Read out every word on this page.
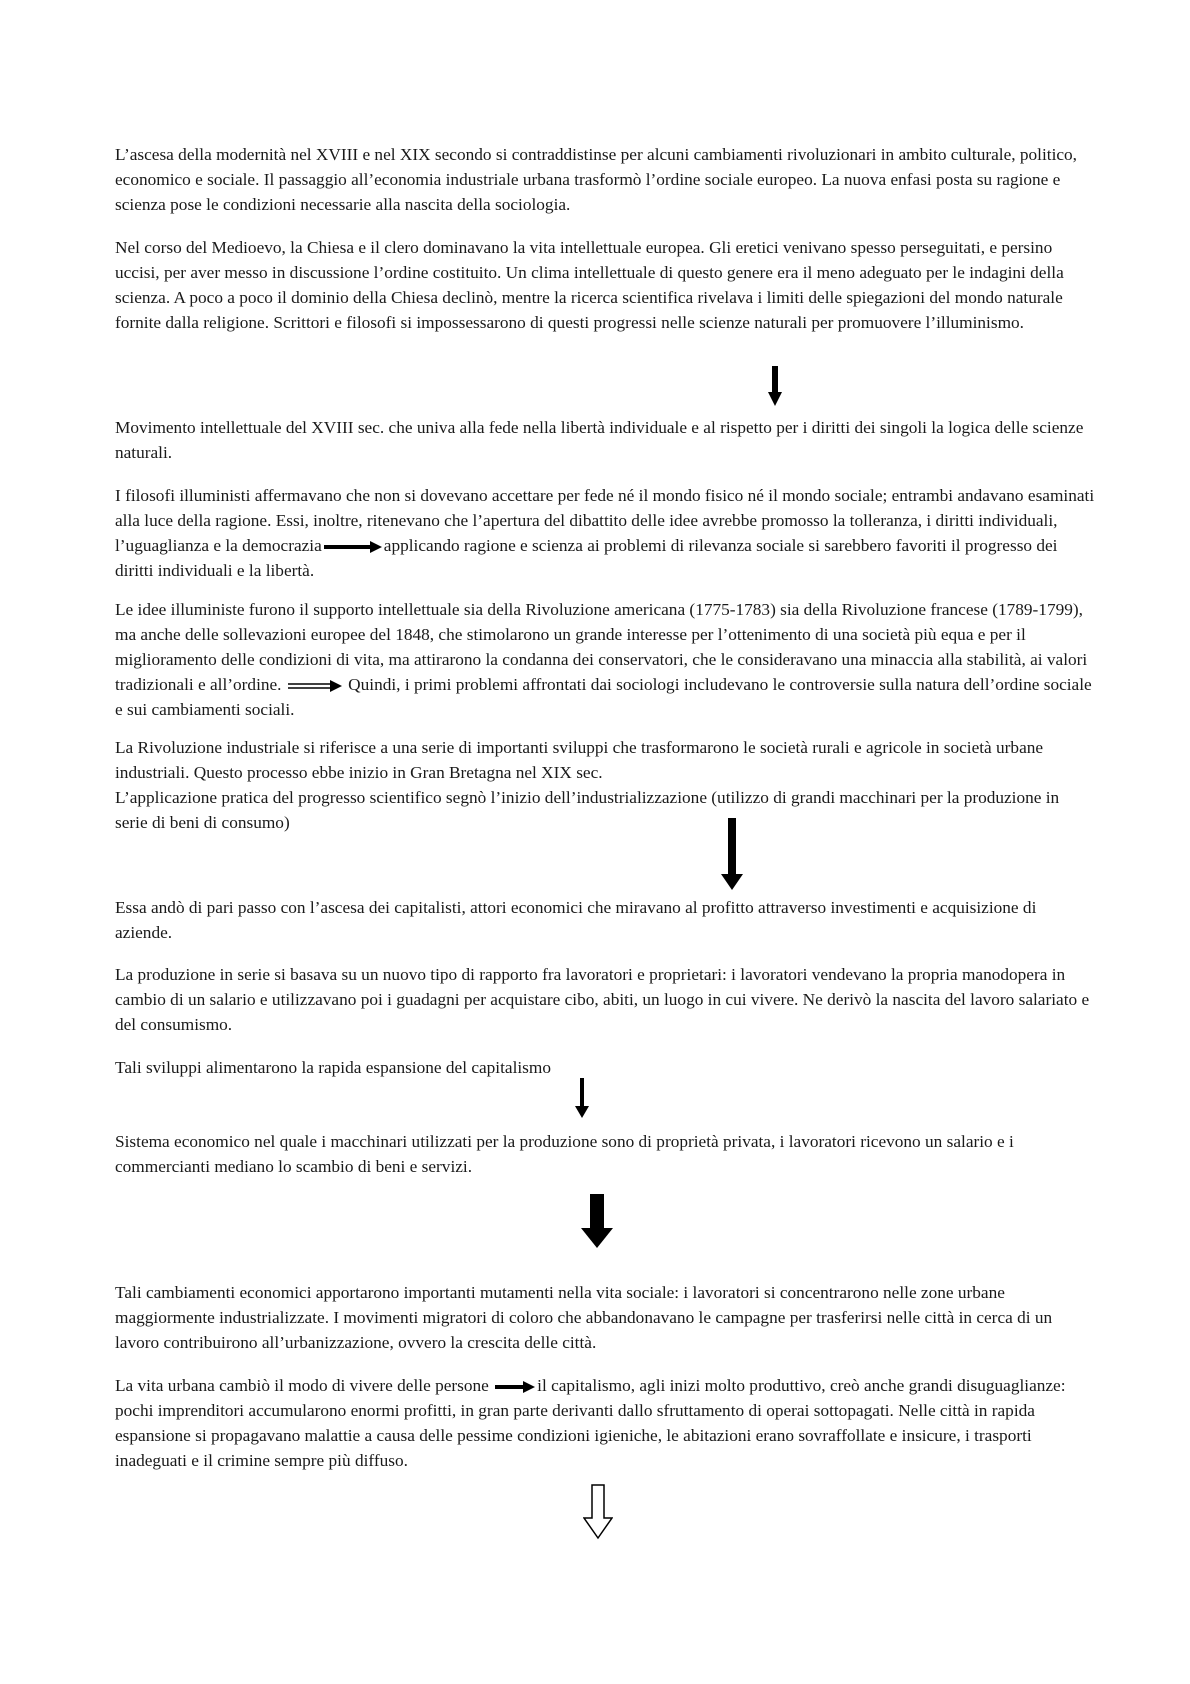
L’ascesa della modernità nel XVIII e nel XIX secondo si contraddistinse per alcuni cambiamenti rivoluzionari in ambito culturale, politico, economico e sociale. Il passaggio all’economia industriale urbana trasformò l’ordine sociale europeo. La nuova enfasi posta su ragione e scienza pose le condizioni necessarie alla nascita della sociologia.

Nel corso del Medioevo, la Chiesa e il clero dominavano la vita intellettuale europea. Gli eretici venivano spesso perseguitati, e persino uccisi, per aver messo in discussione l’ordine costituito. Un clima intellettuale di questo genere era il meno adeguato per le indagini della scienza. A poco a poco il dominio della Chiesa declinò, mentre la ricerca scientifica rivelava i limiti delle spiegazioni del mondo naturale fornite dalla religione. Scrittori e filosofi si impossessarono di questi progressi nelle scienze naturali per promuovere l’illuminismo.

Movimento intellettuale del XVIII sec. che univa alla fede nella libertà individuale e al rispetto per i diritti dei singoli la logica delle scienze naturali.

I filosofi illuministi affermavano che non si dovevano accettare per fede né il mondo fisico né il mondo sociale; entrambi andavano esaminati alla luce della ragione. Essi, inoltre, ritenevano che l’apertura del dibattito delle idee avrebbe promosso la tolleranza, i diritti individuali, l’uguaglianza e la democrazia	applicando ragione e scienza ai problemi di rilevanza sociale si sarebbero favoriti il progresso dei diritti individuali e la libertà.

Le idee illuministe furono il supporto intellettuale sia della Rivoluzione americana (1775-1783) sia della Rivoluzione francese (1789-1799), ma anche delle sollevazioni europee del 1848, che stimolarono un grande interesse per l’ottenimento di una società più equa e per il miglioramento delle condizioni di vita, ma attirarono la condanna dei conservatori, che le consideravano una minaccia alla stabilità, ai valori tradizionali e all’ordine.	Quindi, i primi problemi affrontati dai sociologi includevano le controversie sulla natura dell’ordine sociale e sui cambiamenti sociali.

La Rivoluzione industriale si riferisce a una serie di importanti sviluppi che trasformarono le società rurali e agricole in società urbane industriali. Questo processo ebbe inizio in Gran Bretagna nel XIX sec.
L’applicazione pratica del progresso scientifico segnò l’inizio dell’industrializzazione (utilizzo di grandi macchinari per la produzione in serie di beni di consumo)

Essa andò di pari passo con l’ascesa dei capitalisti, attori economici che miravano al profitto attraverso investimenti e acquisizione di aziende.

La produzione in serie si basava su un nuovo tipo di rapporto fra lavoratori e proprietari: i lavoratori vendevano la propria manodopera in cambio di un salario e utilizzavano poi i guadagni per acquistare cibo, abiti, un luogo in cui vivere. Ne derivò la nascita del lavoro salariato e del consumismo.

Tali sviluppi alimentarono la rapida espansione del capitalismo

Sistema economico nel quale i macchinari utilizzati per la produzione sono di proprietà privata, i lavoratori ricevono un salario e i commercianti mediano lo scambio di beni e servizi.

Tali cambiamenti economici apportarono importanti mutamenti nella vita sociale: i lavoratori si concentrarono nelle zone urbane maggiormente industrializzate. I movimenti migratori di coloro che abbandonavano le campagne per trasferirsi nelle città in cerca di un lavoro contribuirono all’urbanizzazione, ovvero la crescita delle città.

La vita urbana cambiò il modo di vivere delle persone	il capitalismo, agli inizi molto produttivo, creò anche grandi disuguaglianze: pochi imprenditori accumularono enormi profitti, in gran parte derivanti dallo sfruttamento di operai sottopagati. Nelle città in rapida espansione si propagavano malattie a causa delle pessime condizioni igieniche, le abitazioni erano sovraffollate e insicure, i trasporti inadeguati e il crimine sempre più diffuso.
